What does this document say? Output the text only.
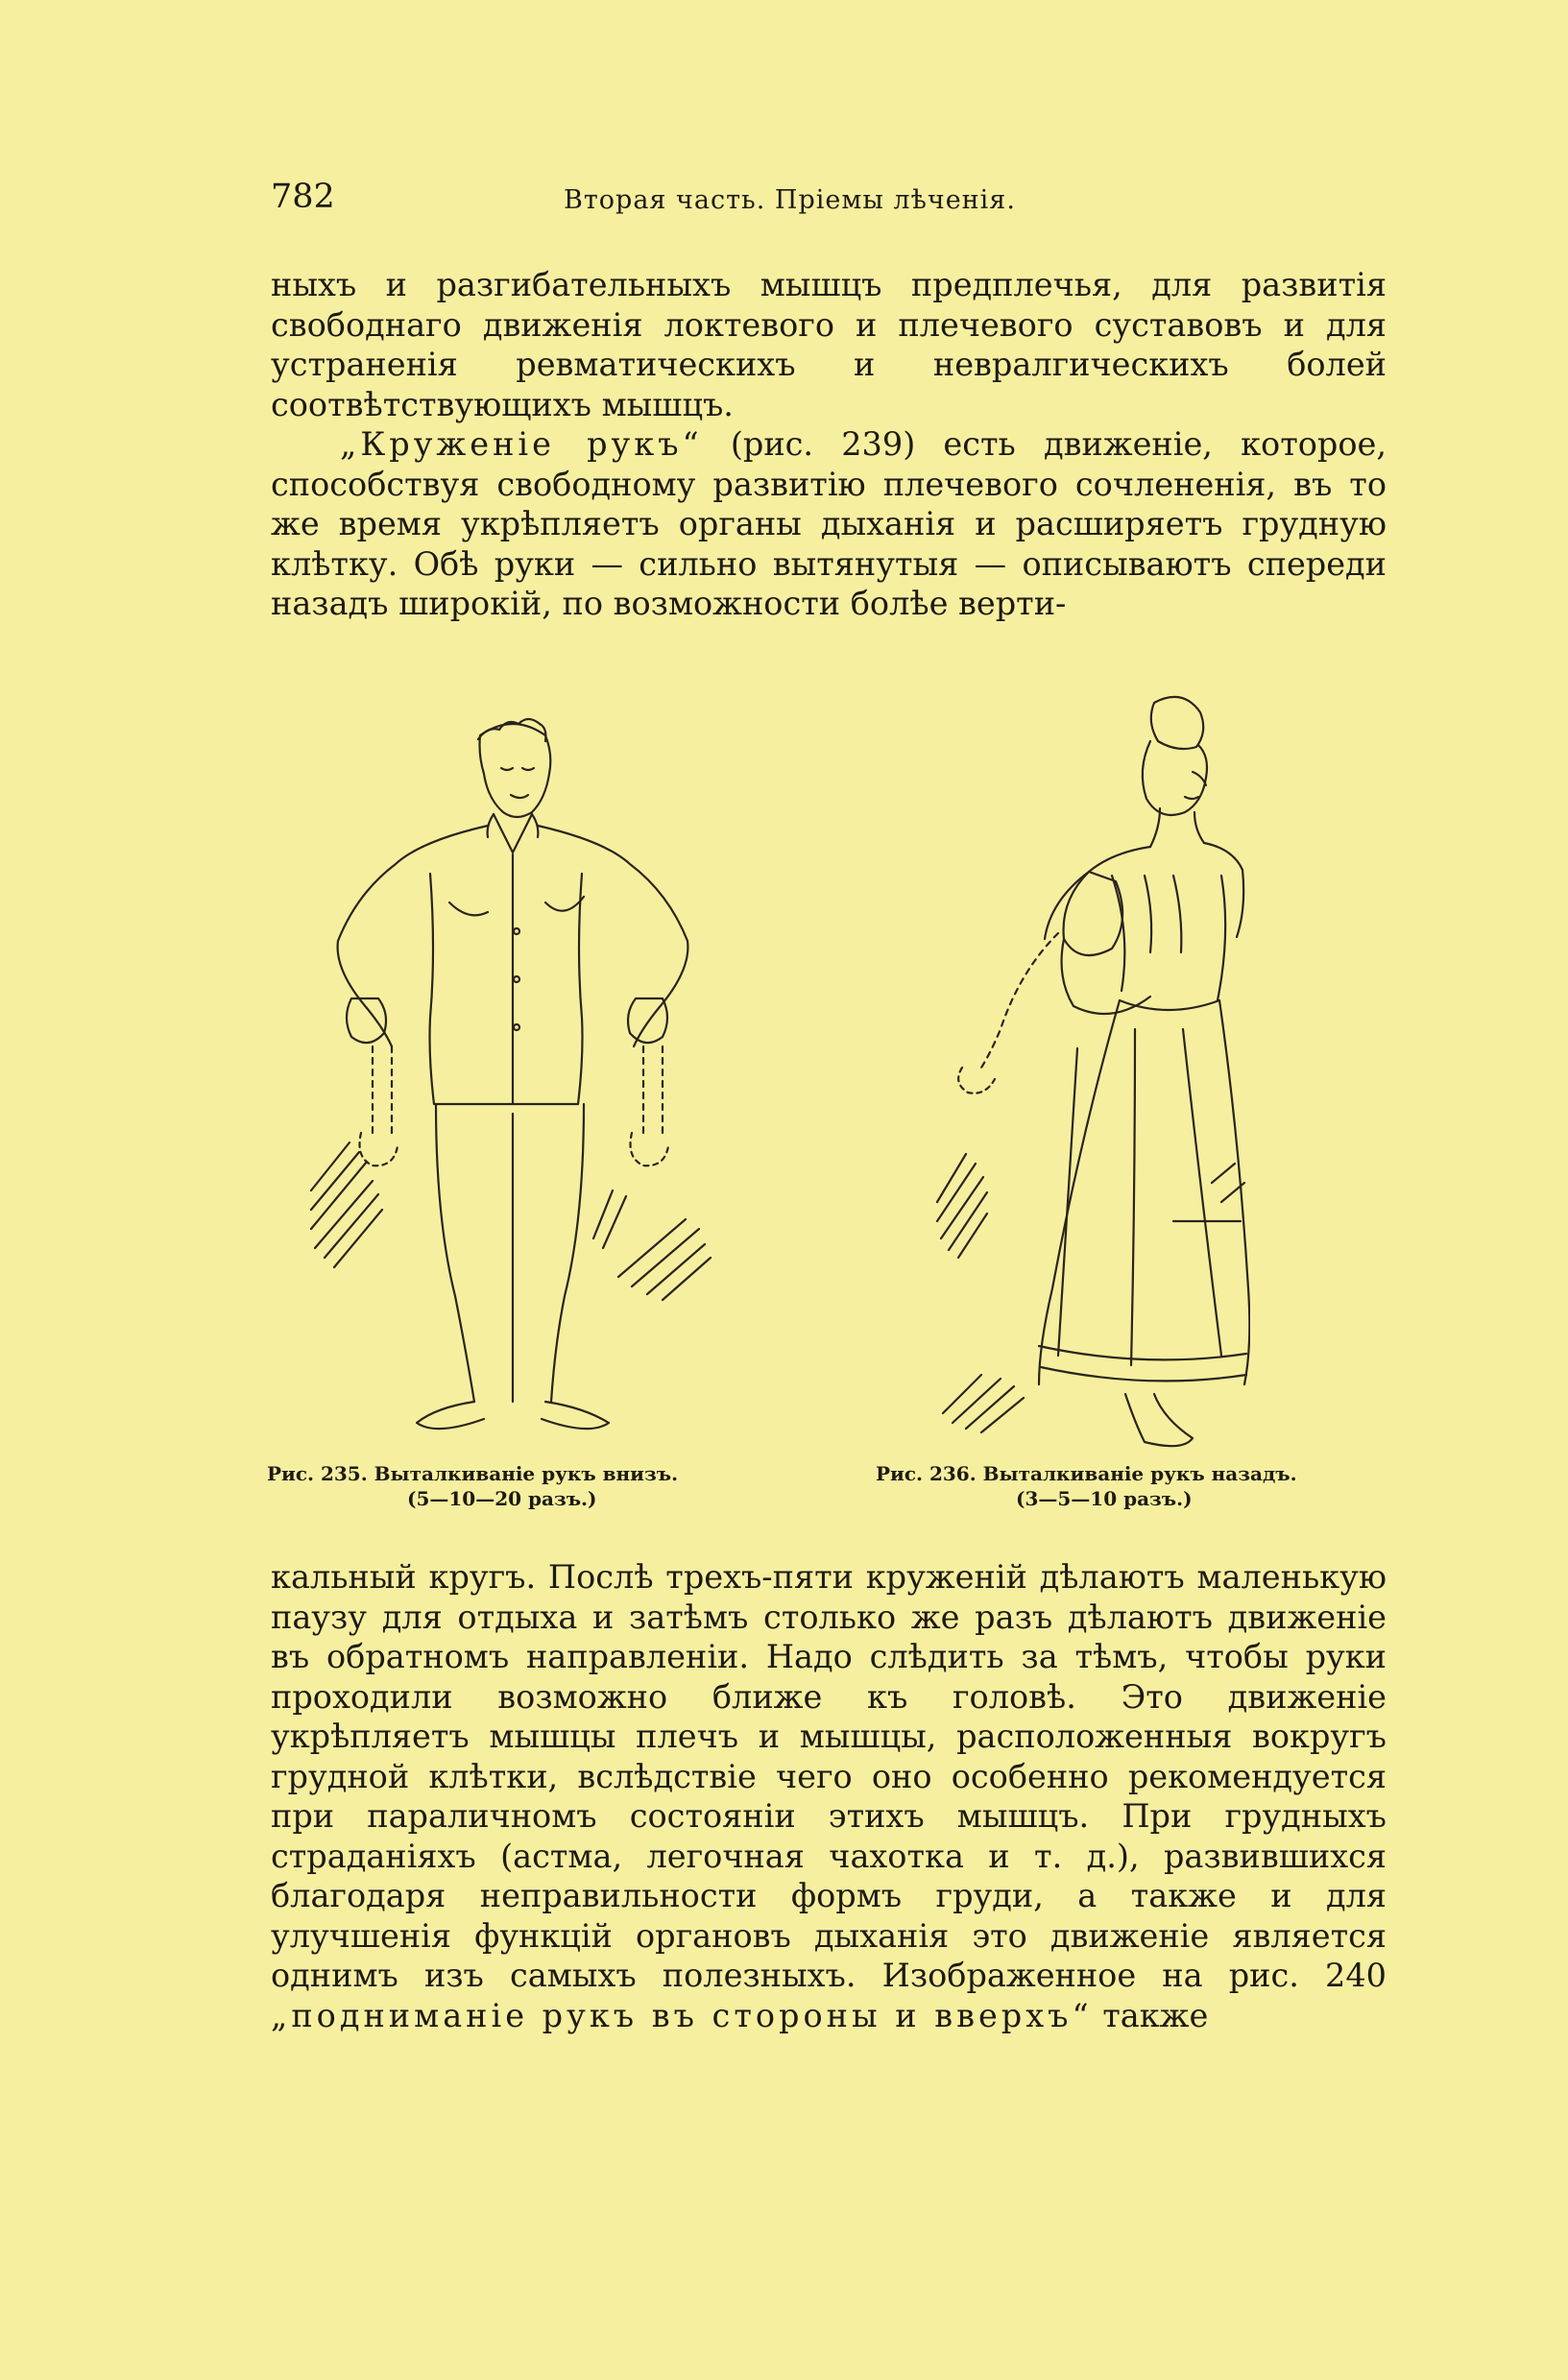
782	Вторая часть. Пріемы лѣченія.

ныхъ и разгибательныхъ мышцъ предплечья, для развитія свободнаго движенія локтевого и плечевого суставовъ и для устраненія ревматическихъ и невралгическихъ болей соотвѣтствующихъ мышцъ.

„Круженіе рукъ“ (рис. 239) есть движеніе, которое, способствуя свободному развитію плечевого сочлененія, въ то же время укрѣпляетъ органы дыханія и расширяетъ грудную клѣтку. Обѣ руки — сильно вытянутыя — описываютъ спереди назадъ широкій, по возможности болѣе верти-

Рис. 235. Выталкиваніе рукъ внизъ.
(5—10—20 разъ.)
Рис. 236. Выталкиваніе рукъ назадъ.
(3—5—10 разъ.)

кальный кругъ. Послѣ трехъ-пяти круженій дѣлаютъ маленькую паузу для отдыха и затѣмъ столько же разъ дѣлаютъ движеніе въ обратномъ направленіи. Надо слѣдить за тѣмъ, чтобы руки проходили возможно ближе къ головѣ. Это движеніе укрѣпляетъ мышцы плечъ и мышцы, расположенныя вокругъ грудной клѣтки, вслѣдствіе чего оно особенно рекомендуется при параличномъ состояніи этихъ мышцъ. При грудныхъ страданіяхъ (астма, легочная чахотка и т. д.), развившихся благодаря неправильности формъ груди, а также и для улучшенія функцій органовъ дыханія это движеніе является однимъ изъ самыхъ полезныхъ. Изображенное на рис. 240 „подниманіе рукъ въ стороны и вверхъ“ также
